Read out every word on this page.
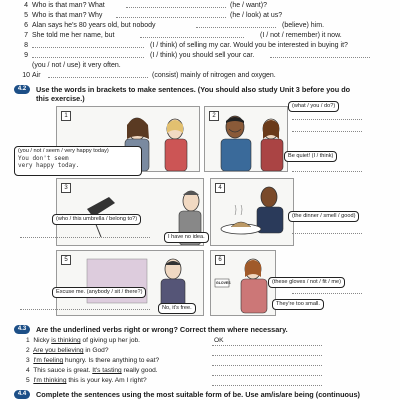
4 Who is that man? What	(he / want)?
5 Who is that man? Why	(he / look) at us?
6 Alan says he's 80 years old, but nobody	(believe) him.
7 She told me her name, but	(I / not / remember) it now.
8	(I / think) of selling my car. Would you be interested in buying it?
9	(I / think) you should sell your car.
(you / not / use) it very often.
10 Air	(consist) mainly of nitrogen and oxygen.
4.2	Use the words in brackets to make sentences. (You should also study Unit 3 before you do
this exercise.)
1
(you / not / seem / very happy today)
You don't seem
very happy today.
2
(what / you / do?)
Be quiet! (I / think)
3
(who / this umbrella / belong to?)
I have no idea.
4
(the dinner / smell / good)
5
Excuse me. (anybody / sit / there?)
No, it's free.
6
GLOVES	(these gloves / not / fit / me)
They're too small.
4.3	Are the underlined verbs right or wrong? Correct them where necessary.
1 Nicky is thinking of giving up her job.	OK
2 Are you believing in God?
3 I'm feeling hungry. Is there anything to eat?
4 This sauce is great. It's tasting really good.
5 I'm thinking this is your key. Am I right?
4.4	Complete the sentences using the most suitable form of be. Use am/is/are being (continuous)
